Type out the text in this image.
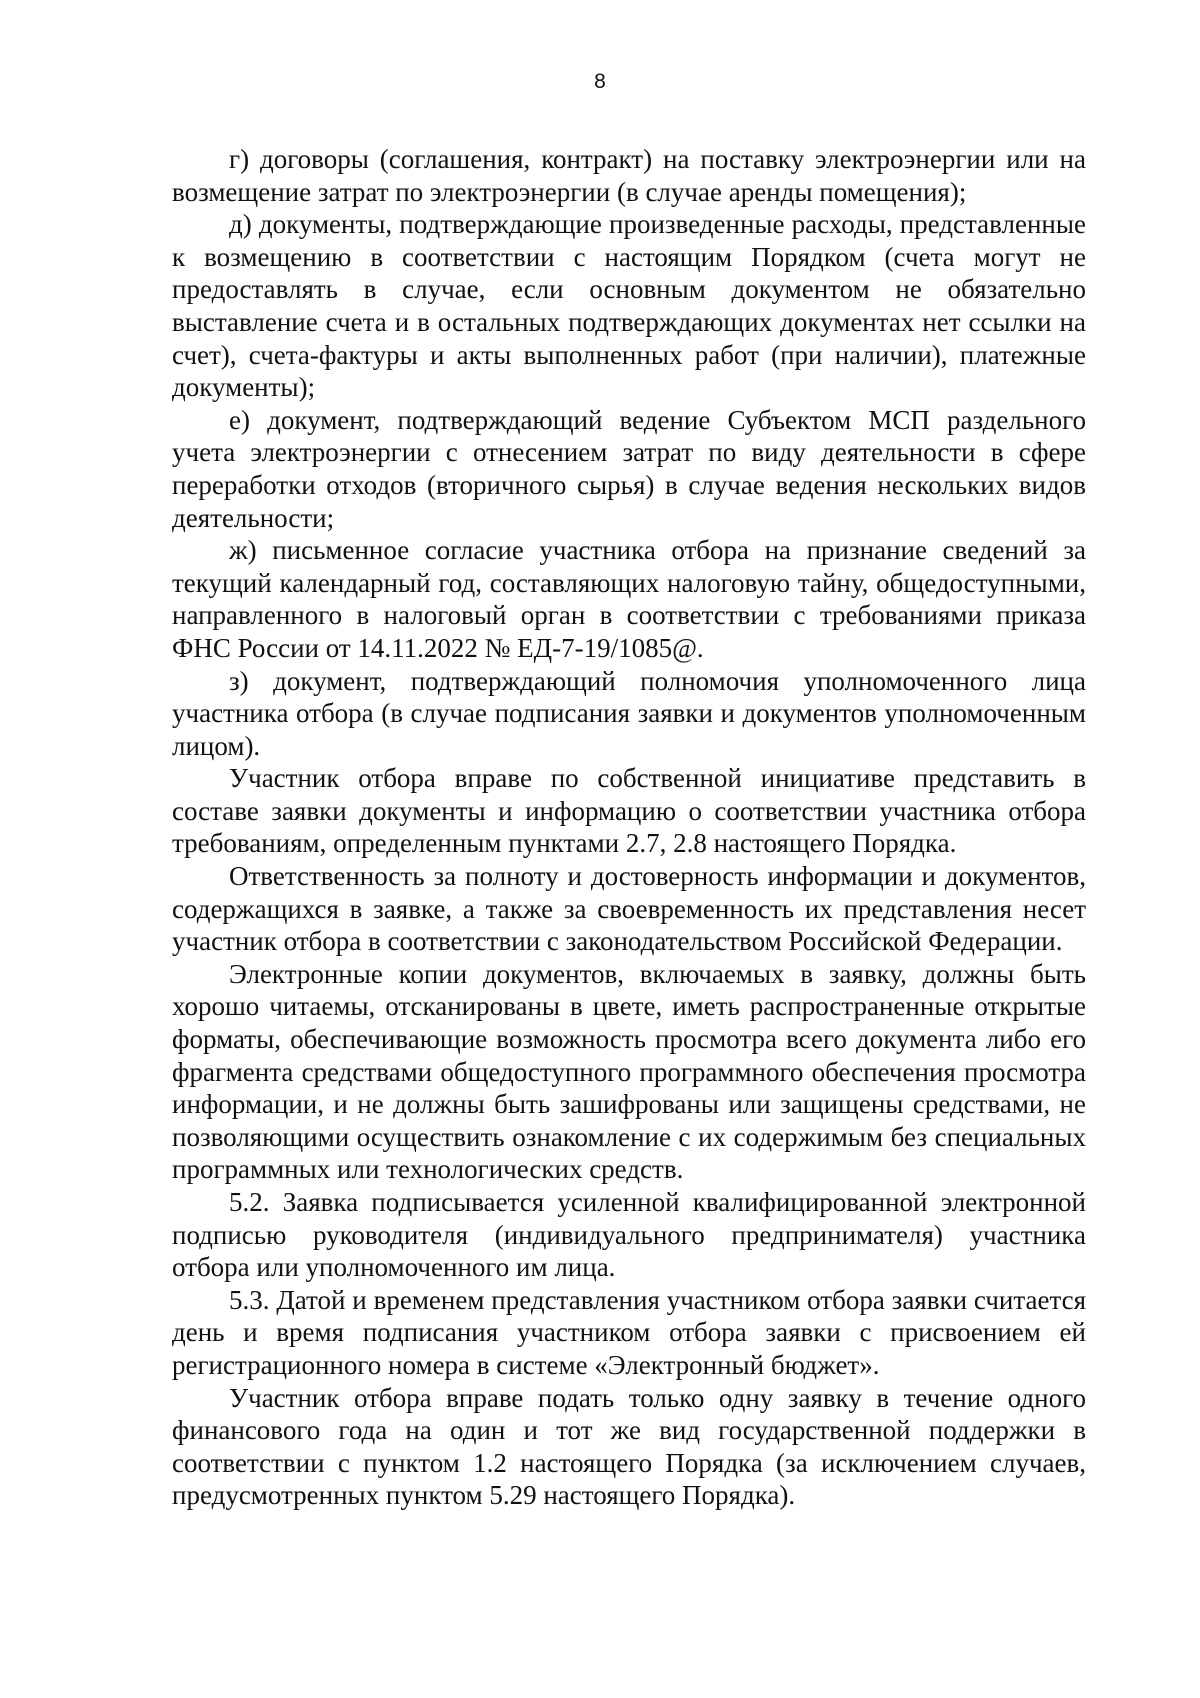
8

г) договоры (соглашения, контракт) на поставку электроэнергии или на возмещение затрат по электроэнергии (в случае аренды помещения);

д) документы, подтверждающие произведенные расходы, представленные к возмещению в соответствии с настоящим Порядком (счета могут не предоставлять в случае, если основным документом не обязательно выставление счета и в остальных подтверждающих документах нет ссылки на счет), счета-фактуры и акты выполненных работ (при наличии), платежные документы);

е) документ, подтверждающий ведение Субъектом МСП раздельного учета электроэнергии с отнесением затрат по виду деятельности в сфере переработки отходов (вторичного сырья) в случае ведения нескольких видов деятельности;

ж) письменное согласие участника отбора на признание сведений за текущий календарный год, составляющих налоговую тайну, общедоступными, направленного в налоговый орган в соответствии с требованиями приказа ФНС России от 14.11.2022 № ЕД-7-19/1085@.

з) документ, подтверждающий полномочия уполномоченного лица участника отбора (в случае подписания заявки и документов уполномоченным лицом).

Участник отбора вправе по собственной инициативе представить в составе заявки документы и информацию о соответствии участника отбора требованиям, определенным пунктами 2.7, 2.8 настоящего Порядка.

Ответственность за полноту и достоверность информации и документов, содержащихся в заявке, а также за своевременность их представления несет участник отбора в соответствии с законодательством Российской Федерации.

Электронные копии документов, включаемых в заявку, должны быть хорошо читаемы, отсканированы в цвете, иметь распространенные открытые форматы, обеспечивающие возможность просмотра всего документа либо его фрагмента средствами общедоступного программного обеспечения просмотра информации, и не должны быть зашифрованы или защищены средствами, не позволяющими осуществить ознакомление с их содержимым без специальных программных или технологических средств.

5.2. Заявка подписывается усиленной квалифицированной электронной подписью руководителя (индивидуального предпринимателя) участника отбора или уполномоченного им лица.

5.3. Датой и временем представления участником отбора заявки считается день и время подписания участником отбора заявки с присвоением ей регистрационного номера в системе «Электронный бюджет».

Участник отбора вправе подать только одну заявку в течение одного финансового года на один и тот же вид государственной поддержки в соответствии с пунктом 1.2 настоящего Порядка (за исключением случаев, предусмотренных пунктом 5.29 настоящего Порядка).
